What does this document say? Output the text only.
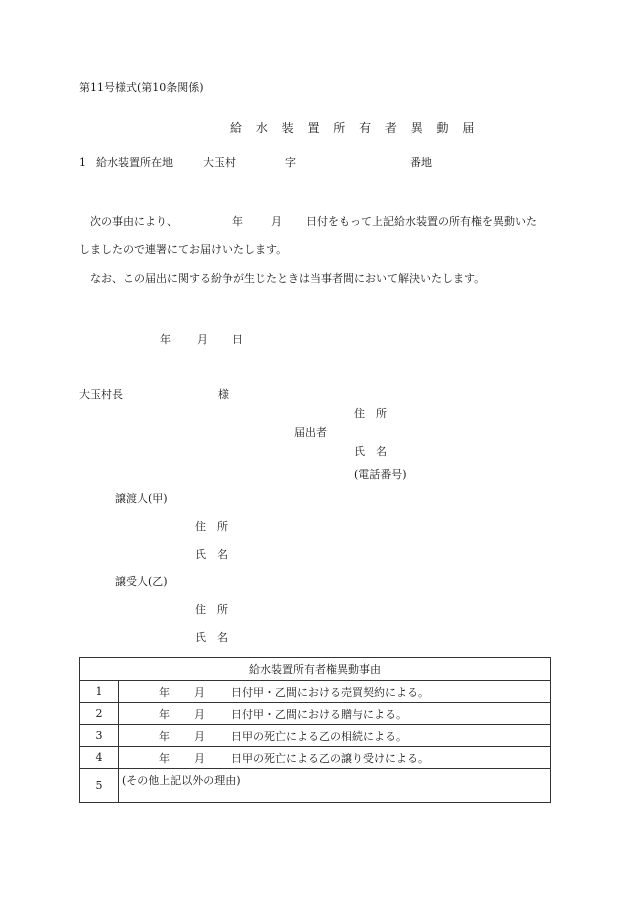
第11号様式(第10条関係)
給 水 装 置 所 有 者 異 動 届
1 給水装置所在地	大玉村	字	番地
次の事由により、	年	月 日付をもって上記給水装置の所有権を異動いた
しましたので連署にてお届けいたします。
なお、この届出に関する紛争が生じたときは当事者間において解決いたします。
年 月 日
大玉村長	様
住　所
届出者
氏　名
(電話番号)
譲渡人(甲)
住　所
氏　名
譲受人(乙)
住　所
氏　名
給水装置所有者権異動事由	
1	年 月 日付甲・乙間における売買契約による。
2	年 月 日付甲・乙間における贈与による。
3	年 月 日甲の死亡による乙の相続による。
4	年 月 日甲の死亡による乙の譲り受けによる。
5	(その他上記以外の理由)
